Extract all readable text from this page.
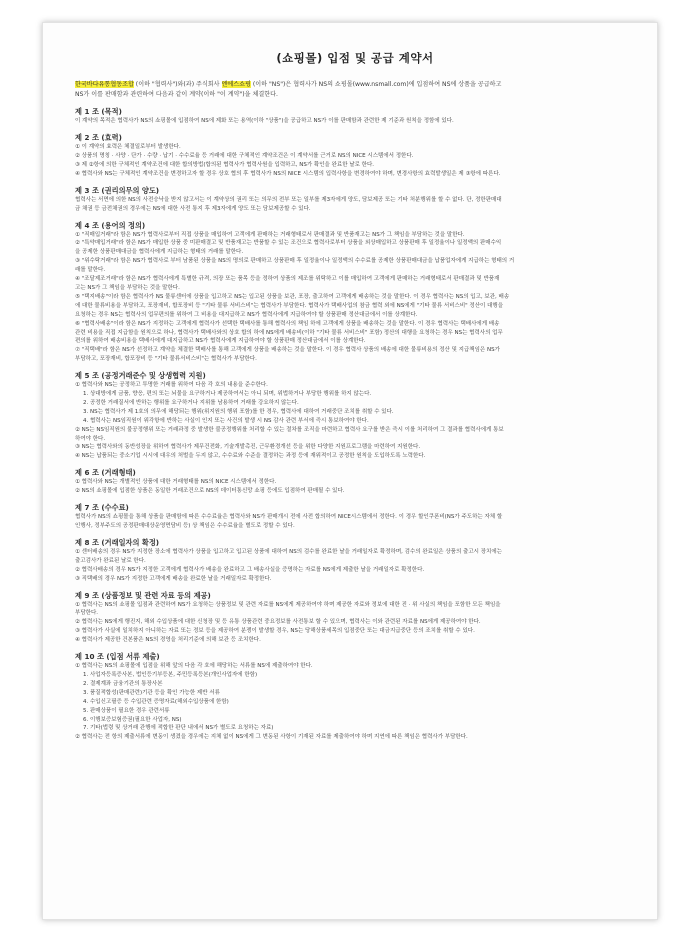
(쇼핑몰) 입점 및 공급 계약서
한국바다유통협동조합 (이하 "협력사")와(과) 주식회사 엔에스쇼핑 (이하 "NS")은 협력사가 NS의 쇼핑몰(www.nsmall.com)에 입점하여 NS에 상품을 공급하고
NS가 이를 판매함과 관련하여 다음과 같이 계약(이하 "이 계약")을 체결한다.
제 1 조 (목적)
이 계약의 목적은 협력사가 NS의 쇼핑몰에 입점하여 NS에 제화 또는 용역(이하 "상품")을 공급하고 NS가 이를 판매함과 관련한 제 기준과 원칙을 정함에 있다.
제 2 조 (효력)
① 이 계약의 효력은 체결일로부터 발생한다.
② 상품의 명칭 · 사양 · 단가 · 수량 · 납기 · 수수료율 등 거래에 대한 구체적인 계약조건은 이 계약서를 근거로 NS의 NICE 시스템에서 정한다.
③ 제 ②항에 의한 구체적인 계약조건에 대한 합의방법(합의된 협력사가 협력사원을 입력하고, NS가 확인을 완료한 날로 한다.
④ 협력사와 NS는 구체적인 계약조건을 변경하고자 할 경우 상호 협의 후 협력사가 NS의 NICE 시스템의 입력사항을 변경하여야 하며, 변경사항의 효력발생일은 제 ③항에 따른다.
제 3 조 (권리의무의 양도)
협력사는 서면에 의한 NS의 사전승낙을 받지 않고서는 이 계약상의 권리 또는 의무의 전부 또는 일부를 제3자에게 양도, 담보제공 또는 기타 처분행위를 할 수 없다. 단, 정한판매대
금 채권 등 금전채권의 경우에는 NS에 대한 사전 통지 후 제3자에게 양도 또는 담보제공할 수 있다.
제 4 조 (용어의 정의)
① "직매입거래"라 함은 NS가 협력사로부터 직접 상품을 매입하여 고객에게 판매하는 거래형태로서 판매결과 및 반품재고는 NS가 그 책임을 부담하는 것을 말한다.
② "특약매입거래"라 함은 NS가 매입한 상품 중 미판매결고 및 반품재고는 반품할 수 있는 조건으로 협력사로부터 상품을 외상매입하고 상품판매 후 일정율이나 일정액의 판매수익
을 공제한 상품판매대금을 협력사에게 지급하는 형태의 거래를 말한다.
③ "위수탁거래"라 함은 NS가 협력사로 부터 남품된 상품을 NS의 명의로 판매하고 상품판매 후 일정율이나 일정액의 수수료를 공제한 상품판매대금을 납품업자에게 지급하는 형태의 거
래를 말한다.
④ "조달제조거래"라 함은 NS가 협력사에게 특별한 규격, 의장 또는 품목 등을 정하여 상품의 제조를 위탁하고 이를 매입하여 고객에게 판매하는 거래형태로서 판매결과 및 반품재
고는 NS가 그 책임을 부담하는 것을 말한다.
⑤ "택지배송"이라 함은 협력사가 NS 물류센터에 상품을 입고하고 NS는 입고된 상품을 보관, 포장, 출고하여 고객에게 배송하는 것을 말한다. 이 경우 협력사는 NS의 입고, 보관, 배송
에 대한 물류비용을 부담하고, 포장재비, 합포장비 등 "기타 물류 서비스비"는 협력사가 부담한다. 협력사가 택배사업의 참금 협력 외에 NS에게 "기타 물류 서비스비" 정산이 대행을
요청하는 경우 NS는 협력사의 업무편의를 위하여 그 비용을 대지급하고 NS가 협력사에게 지급하여야 할 상품판매 정산대금에서 이를 상계한다.
⑥ "협력사배송"이라 함은 NS가 지정하는 고객에게 협력사가 선택한 택배사를 통해 협력사의 책임 하에 고객에게 상품을 배송하는 것을 말한다. 이 경우 협력사는 택배사에게 배송
관련 비용을 직접 지급함을 원칙으로 하나, 협력사가 택배사와의 상호 합의 하에 NS에게 배송비(이하 "기타 물류 서비스비" 포함) 정산의 대행을 요청하는 경우 NS는 협력사의 업무
편의를 위하여 배송비용을 택배사에게 대지급하고 NS가 협력사에게 지급하여야 할 상품판매 정산대금에서 이를 상계한다.
⑦ "직택배"라 함은 NS가 선정하고 계약을 체결한 택배사를 통해 고객에게 상품을 배송하는 것을 말한다. 이 경우 협력사 상품의 배송에 대한 물류비용의 정산 및 지급책임은 NS가
부담하고, 포장재비, 합포장비 등 "기타 물류서비스비"는 협력사가 부담한다.
제 5 조 (공정거래준수 및 상생협력 지원)
① 협력사와 NS는 공정하고 투명한 거래를 위하여 다음 각 호의 내용을 준수한다.
1. 상대방에게 금품, 향응, 편의 또는 뇌물을 요구하거나 제공하여서는 아니 되며, 위법하거나 부당한 행위를 하지 않는다.
2. 공정한 거래질서에 반하는 행위를 요구하거나 지위를 남용하여 거래를 강요하지 않는다.
3. NS는 협력사가 제 1호의 의무에 해당되는 행위(위지원의 행위 포함)를 한 경우, 협력사에 대하여 거래중단 조치를 취할 수 있다.
4. 협력사는 NS임직원이 위각항에 반하는 사실이 인지 또는 사건의 발생 시 NS 감사 관련 부서에 즉시 통보하여야 한다.
② NS는 NS임직원의 불공정행위 또는 거래과정 중 발생한 불공정행위를 처리할 수 있는 절차를 조직을 마련하고 협력사 요구를 받은 즉시 이를 처리하여 그 결과를 협력사에게 통보
하여야 한다.
③ NS는 협력사와의 동반성장을 위하여 협력사가 제무건전화, 기술개발촉진, 근무환경개선 등을 위한 다양한 지원프로그램을 마련하여 지원한다.
④ NS는 납품되는 중소기업 시시에 대우의 처벌을 두지 않고, 수수료와 수준을 결정하는 과정 등에 재위적이고 공정한 원칙을 도입하도록 노력한다.
제 6 조 (거래형태)
① 협력사와 NS는 개별적인 상품에 대한 거래형태를 NS의 NICE 시스템에서 정한다.
② NS의 쇼핑몰에 입점한 상품은 동일한 거래조건으로 NS의 데이터통신망 쇼핑 등에도 입점하여 판매될 수 있다.
제 7 조 (수수료)
협력사가 NS의 쇼핑몰을 통해 상품을 판매함에 따른 수수료율은 협력사와 NS가 판매개시 전에 사전 합의하여 NICE시스템에서 정한다. 이 경우 할인쿠폰비(NS가 주도하는 자체 할
인행사, 정부주도의 공정판매대상운영면담비 등) 상 책임은 수수료율을 별도로 정할 수 있다.
제 8 조 (거래일자의 확정)
① 센터배송의 경우 NS가 지정한 장소에 협력사가 상품을 입고하고 입고된 상품에 대하여 NS의 검수를 완료한 날을 거래일자로 확정하며, 검수의 완료일은 상품의 출고시 장치에는
출고검사가 완료된 날로 한다.
② 협력사배송의 경우 NS가 지정한 고객에게 협력사가 배송을 완료하고 그 배송사실을 증명하는 자료를 NS에게 제출한 날을 거래일자로 확정한다.
③ 직택배의 경우 NS가 지정한 고객에게 배송을 완료한 날을 거래일자로 확정한다.
제 9 조 (상품정보 및 관련 자료 등의 제공)
① 협력사는 NS의 쇼핑몰 입점과 관련하여 NS가 요청하는 상품정보 및 관련 자료를 NS에게 제공하여야 하며 제공한 자료와 정보에 대한 진 · 위 사실의 책임을 포함한 모든 책임을
부담한다.
② 협력사는 NS에게 행진지, 해외 수입상품에 대한 신청장 및 등 유통 상품관련 중요정보를 사전통보 할 수 있으며, 협력사는 이와 관련된 자료를 NS에게 제공하여야 한다.
③ 협력사가 사실에 일치하지 아니하는 자료 또는 정보 등을 제공하여 분쟁이 발생할 경우, NS는 당해상품세목의 입점중단 또는 대금지급중단 등의 조치를 취할 수 있다.
④ 협력사가 제공한 건본품은 NS의 경영을 처리기준에 의해 보관 등 조치한다.
제 10 조 (입점 서류 제출)
① 협력사는 NS의 쇼핑몰에 입점을 위해 앞의 다음 각 호에 해당하는 서류를 NS에 제출하여야 한다.
1. 사업자등록증사본, 법인등기부등본, 주민등록등본(개인사업자에 한함)
2. 결제계좌 금융기관의 통장사본
3. 품질적합성(판매관련)기관 등을 확인 가능한 제반 서류
4. 수입신고필증 등 수입관련 증명자료(해외수입상품에 한함)
5. 판매상품이 필요한 경우 관련서류
6. 이행보증보험증권(필요한 사업자, NS)
7. 기타(법령 및 상거래 관행에 적합한 판단 내에서 NS가 별도로 요청하는 자료)
② 협력사는 전 항의 제출서류에 변동이 생겼을 경우에는 지체 없이 NS에게 그 변동된 사항이 기재된 자료를 제출하여야 하며 지연에 따른 책임은 협력사가 부담한다.
